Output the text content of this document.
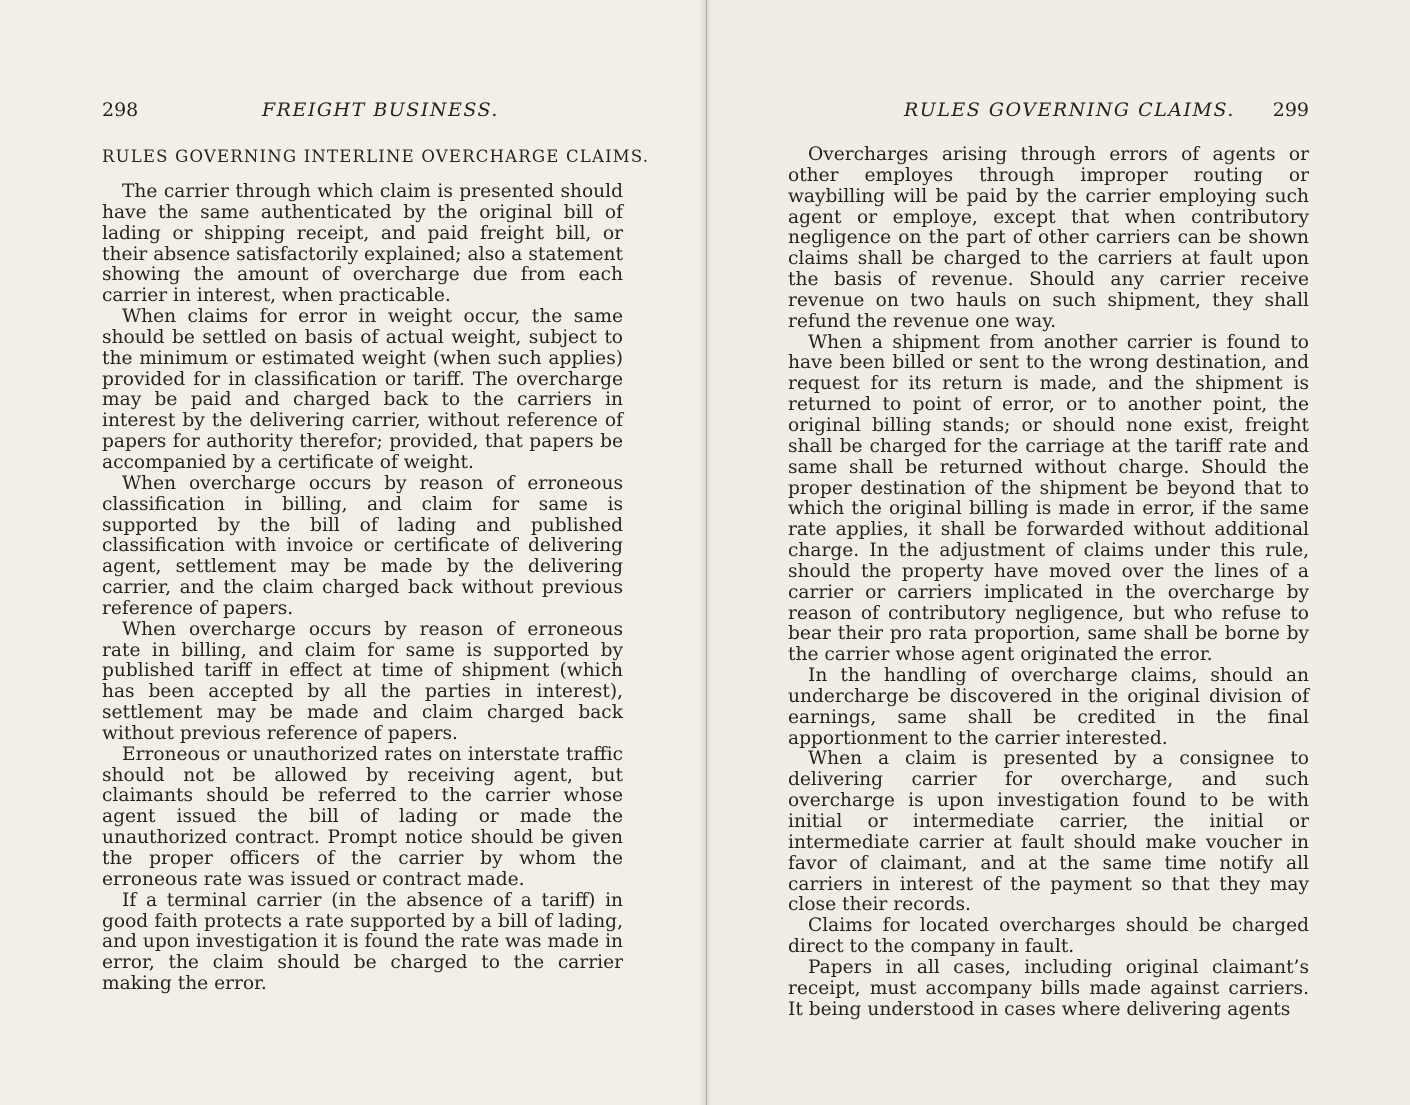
298	FREIGHT BUSINESS.
RULES GOVERNING INTERLINE OVERCHARGE CLAIMS.

The carrier through which claim is presented should have the same authenticated by the original bill of lading or shipping receipt, and paid freight bill, or their absence satisfactorily explained; also a statement showing the amount of overcharge due from each carrier in interest, when practicable.

When claims for error in weight occur, the same should be settled on basis of actual weight, subject to the minimum or estimated weight (when such applies) provided for in classification or tariff. The overcharge may be paid and charged back to the carriers in interest by the delivering carrier, without reference of papers for authority therefor; provided, that papers be accompanied by a certificate of weight.

When overcharge occurs by reason of erroneous classification in billing, and claim for same is supported by the bill of lading and published classification with invoice or certificate of delivering agent, settlement may be made by the delivering carrier, and the claim charged back without previous reference of papers.

When overcharge occurs by reason of erroneous rate in billing, and claim for same is supported by published tariff in effect at time of shipment (which has been accepted by all the parties in interest), settlement may be made and claim charged back without previous reference of papers.

Erroneous or unauthorized rates on interstate traffic should not be allowed by receiving agent, but claimants should be referred to the carrier whose agent issued the bill of lading or made the unauthorized contract. Prompt notice should be given the proper officers of the carrier by whom the erroneous rate was issued or contract made.

If a terminal carrier (in the absence of a tariff) in good faith protects a rate supported by a bill of lading, and upon investigation it is found the rate was made in error, the claim should be charged to the carrier making the error.

RULES GOVERNING CLAIMS. 299

Overcharges arising through errors of agents or other employes through improper routing or waybilling will be paid by the carrier employing such agent or employe, except that when contributory negligence on the part of other carriers can be shown claims shall be charged to the carriers at fault upon the basis of revenue. Should any carrier receive revenue on two hauls on such shipment, they shall refund the revenue one way.

When a shipment from another carrier is found to have been billed or sent to the wrong destination, and request for its return is made, and the shipment is returned to point of error, or to another point, the original billing stands; or should none exist, freight shall be charged for the carriage at the tariff rate and same shall be returned without charge. Should the proper destination of the shipment be beyond that to which the original billing is made in error, if the same rate applies, it shall be forwarded without additional charge. In the adjustment of claims under this rule, should the property have moved over the lines of a carrier or carriers implicated in the overcharge by reason of contributory negligence, but who refuse to bear their pro rata proportion, same shall be borne by the carrier whose agent originated the error.

In the handling of overcharge claims, should an undercharge be discovered in the original division of earnings, same shall be credited in the final apportionment to the carrier interested.

When a claim is presented by a consignee to delivering carrier for overcharge, and such overcharge is upon investigation found to be with initial or intermediate carrier, the initial or intermediate carrier at fault should make voucher in favor of claimant, and at the same time notify all carriers in interest of the payment so that they may close their records.

Claims for located overcharges should be charged direct to the company in fault.

Papers in all cases, including original claimant’s receipt, must accompany bills made against carriers. It being understood in cases where delivering agents
